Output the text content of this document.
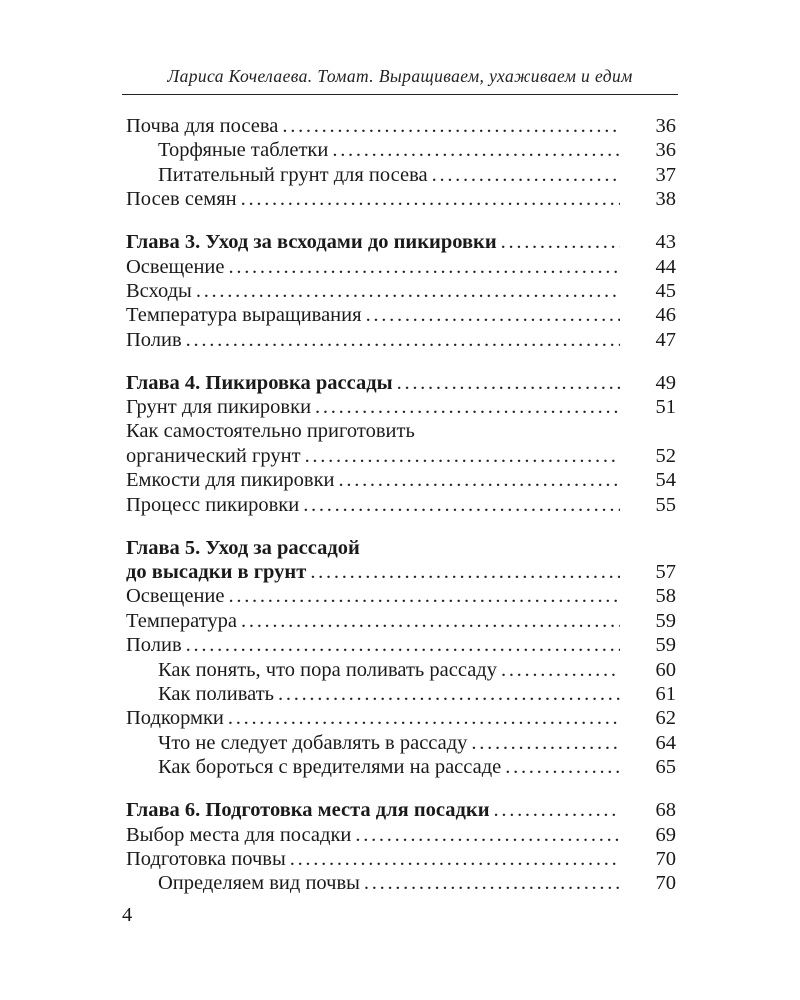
Лариса Кочелаева. Томат. Выращиваем, ухаживаем и едим
Почва для посева . . .	36
Торфяные таблетки . . .	36
Питательный грунт для посева . . .	37
Посев семян . . .	38
Глава 3. Уход за всходами до пикировки . . .	43
Освещение . . .	44
Всходы . . .	45
Температура выращивания . . .	46
Полив . . .	47
Глава 4. Пикировка рассады . . .	49
Грунт для пикировки . . .	51
Как самостоятельно приготовить
органический грунт . . .	52
Емкости для пикировки . . .	54
Процесс пикировки . . .	55
Глава 5. Уход за рассадой
до высадки в грунт . . .	57
Освещение . . .	58
Температура . . .	59
Полив . . .	59
Как понять, что пора поливать рассаду . . .	60
Как поливать . . .	61
Подкормки . . .	62
Что не следует добавлять в рассаду . . .	64
Как бороться с вредителями на рассаде . . .	65
Глава 6. Подготовка места для посадки . . .	68
Выбор места для посадки . . .	69
Подготовка почвы . . .	70
Определяем вид почвы . . .	70
4
